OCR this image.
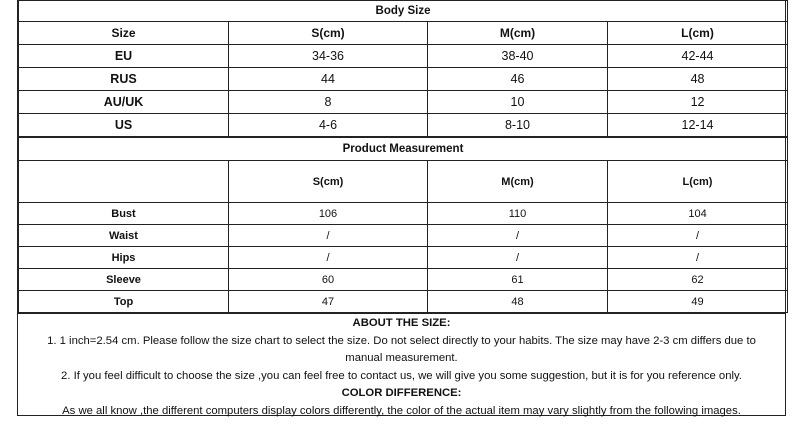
Body Size			
Size	S(cm)	M(cm)	L(cm)
EU	34-36	38-40	42-44
RUS	44	46	48
AU/UK	8	10	12
US	4-6	8-10	12-14
Product Measurement			
	S(cm)	M(cm)	L(cm)
Bust	106	110	104
Waist	/	/	/
Hips	/	/	/
Sleeve	60	61	62
Top	47	48	49

ABOUT THE SIZE:

1. 1 inch=2.54 cm. Please follow the size chart to select the size. Do not select directly to your habits. The size may have 2-3 cm differs due to

manual measurement.

2. If you feel difficult to choose the size ,you can feel free to contact us, we will give you some suggestion, but it is for you reference only.

COLOR DIFFERENCE:

As we all know ,the different computers display colors differently, the color of the actual item may vary slightly from the following images.
